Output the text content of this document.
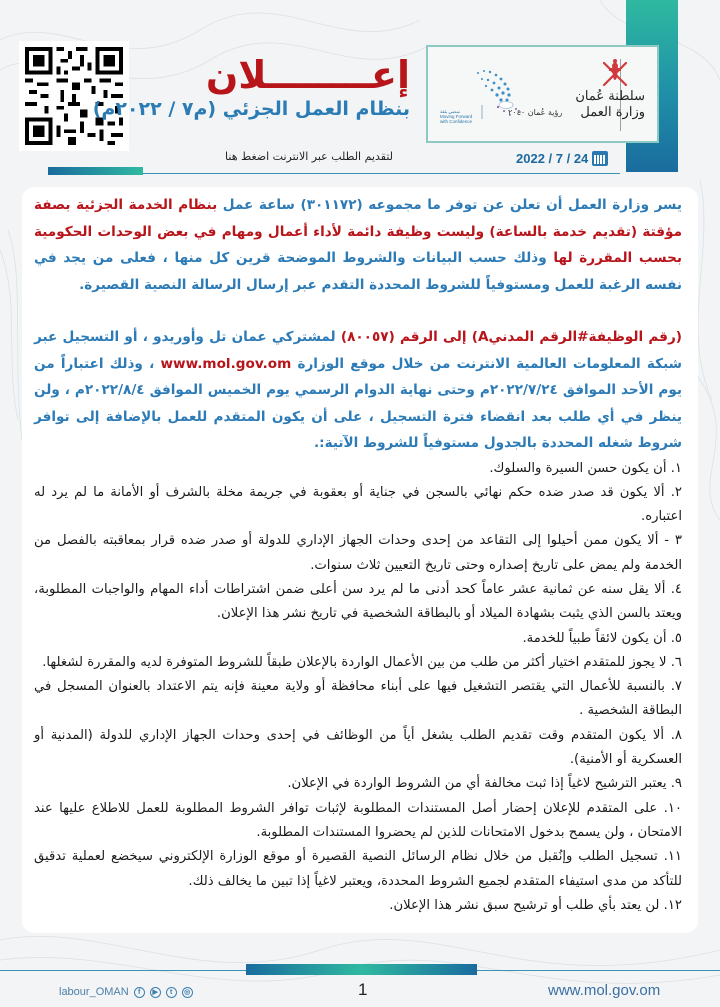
نمضي بثقة
Moving Forward with Confidence
رؤية عُمان ٢٠٤٠
سلطنة عُمان
وزارة العمل
2022 / 7 / 24
إعــــــــلان
بنظام العمل الجزئي (م٧ / ٢٠٢٢م)
لتقديم الطلب عبر الانترنت اضغط هنا

يسر وزارة العمل أن تعلن عن توفر ما مجموعه (٣٠١١٧٢) ساعة عمل بنظام الخدمة الجزئية بصفة مؤقتة (تقديم خدمة بالساعة) وليست وظيفة دائمة لأداء أعمال ومهام في بعض الوحدات الحكومية بحسب المقررة لها وذلك حسب البيانات والشروط الموضحة قرين كل منها ، فعلى من يجد في نفسه الرغبة للعمل ومستوفياً للشروط المحددة التقدم عبر إرسال الرسالة النصية القصيرة.

(رقم الوظيفة#الرقم المدنيA) إلى الرقم (٨٠٠٥٧) لمشتركي عمان تل وأوريدو ، أو التسجيل عبر شبكة المعلومات العالمية الانترنت من خلال موقع الوزارة www.mol.gov.om ، وذلك اعتباراً من يوم الأحد الموافق ٢٠٢٢/٧/٢٤م وحتى نهاية الدوام الرسمي يوم الخميس الموافق ٢٠٢٢/٨/٤م ، ولن ينظر في أي طلب بعد انقضاء فترة التسجيل ، على أن يكون المتقدم للعمل بالإضافة إلى توافر شروط شغله المحددة بالجدول مستوفياً للشروط الآتية:.

١. أن يكون حسن السيرة والسلوك.
٢. ألا يكون قد صدر ضده حكم نهائي بالسجن في جناية أو بعقوبة في جريمة مخلة بالشرف أو الأمانة ما لم يرد له اعتباره.
٣ - ألا يكون ممن أحيلوا إلى التقاعد من إحدى وحدات الجهاز الإداري للدولة أو صدر ضده قرار بمعاقبته بالفصل من الخدمة ولم يمض على تاريخ إصداره وحتى تاريخ التعيين ثلاث سنوات.
٤. ألا يقل سنه عن ثمانية عشر عاماً كحد أدنى ما لم يرد سن أعلى ضمن اشتراطات أداء المهام والواجبات المطلوبة، ويعتد بالسن الذي يثبت بشهادة الميلاد أو بالبطاقة الشخصية في تاريخ نشر هذا الإعلان.
٥. أن يكون لائقاً طبياً للخدمة.
٦. لا يجوز للمتقدم اختيار أكثر من طلب من بين الأعمال الواردة بالإعلان طبقاً للشروط المتوفرة لديه والمقررة لشغلها.
٧. بالنسبة للأعمال التي يقتصر التشغيل فيها على أبناء محافظة أو ولاية معينة فإنه يتم الاعتداد بالعنوان المسجل في البطاقة الشخصية .
٨. ألا يكون المتقدم وقت تقديم الطلب يشغل أياً من الوظائف في إحدى وحدات الجهاز الإداري للدولة (المدنية أو العسكرية أو الأمنية).
٩. يعتبر الترشيح لاغياً إذا ثبت مخالفة أي من الشروط الواردة في الإعلان.
١٠. على المتقدم للإعلان إحضار أصل المستندات المطلوبة لإثبات توافر الشروط المطلوبة للعمل للاطلاع عليها عند الامتحان ، ولن يسمح بدخول الامتحانات للذين لم يحضروا المستندات المطلوبة.
١١. تسجيل الطلب وإنُقبل من خلال نظام الرسائل النصية القصيرة أو موقع الوزارة الإلكتروني سيخضع لعملية تدقيق للتأكد من مدى استيفاء المتقدم لجميع الشروط المحددة، ويعتبر لاغياً إذا تبين ما يخالف ذلك.
١٢. لن يعتد بأي طلب أو ترشيح سبق نشر هذا الإعلان.
labour_OMAN	f	▶	t	◎	1	www.mol.gov.om
